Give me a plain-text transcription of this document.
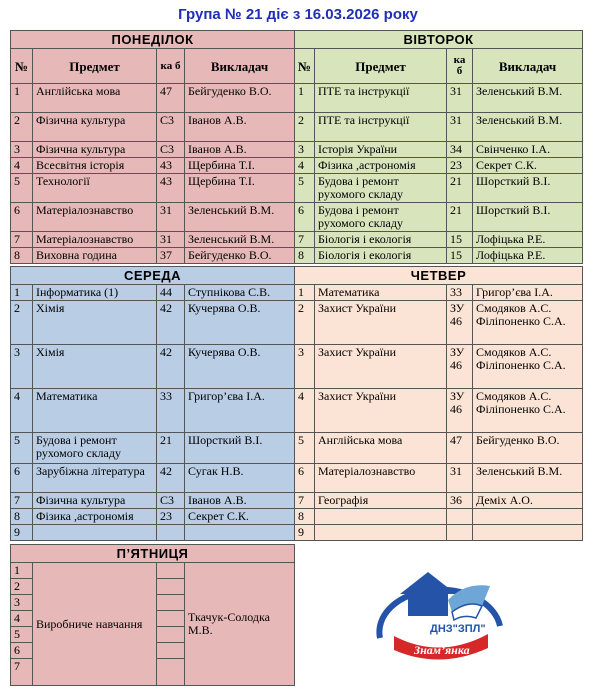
Група № 21 діє з 16.03.2026 року
ПОНЕДІЛОК			
№	Предмет	ка б	Викладач
1	Англійська мова	47	Бейгуденко В.О.
2	Фізична культура	С3	Іванов А.В.
3	Фізична культура	С3	Іванов А.В.
4	Всесвітня історія	43	Щербина Т.І.
5	Технології	43	Щербина Т.І.
6	Матеріалознавство	31	Зеленський В.М.
7	Матеріалознавство	31	Зеленський В.М.
8	Виховна година	37	Бейгуденко В.О.
ВІВТОРОК			
№	Предмет	ка б	Викладач
1	ПТЕ та інструкції	31	Зеленський В.М.
2	ПТЕ та інструкції	31	Зеленський В.М.
3	Історія України	34	Свінченко І.А.
4	Фізика ,астрономія	23	Секрет С.К.
5	Будова і ремонт рухомого складу	21	Шорсткий В.І.
6	Будова і ремонт рухомого складу	21	Шорсткий В.І.
7	Біологія і екологія	15	Лофіцька Р.Е.
8	Біологія і екологія	15	Лофіцька Р.Е.
СЕРЕДА			
1	Інформатика (1)	44	Ступнікова С.В.
2	Хімія	42	Кучерява О.В.
3	Хімія	42	Кучерява О.В.
4	Математика	33	Григор’єва І.А.
5	Будова і ремонт рухомого складу	21	Шорсткий В.І.
6	Зарубіжна література	42	Сугак Н.В.
7	Фізична культура	С3	Іванов А.В.
8	Фізика ,астрономія	23	Секрет С.К.
9			
ЧЕТВЕР			
1	Математика	33	Григор’єва І.А.
2	Захист України	ЗУ 46	Смодяков А.С. Філіпоненко С.А.
3	Захист України	ЗУ 46	Смодяков А.С. Філіпоненко С.А.
4	Захист України	ЗУ 46	Смодяков А.С. Філіпоненко С.А.
5	Англійська мова	47	Бейгуденко В.О.
6	Матеріалознавство	31	Зеленський В.М.
7	Географія	36	Деміх А.О.
8			
9			
П’ЯТНИЦЯ			
1	Виробниче навчання		Ткачук-Солодка М.В.
2			
3			
4			
5			
6			
7			
ДНЗ"ЗПЛ"
Знам’янка
